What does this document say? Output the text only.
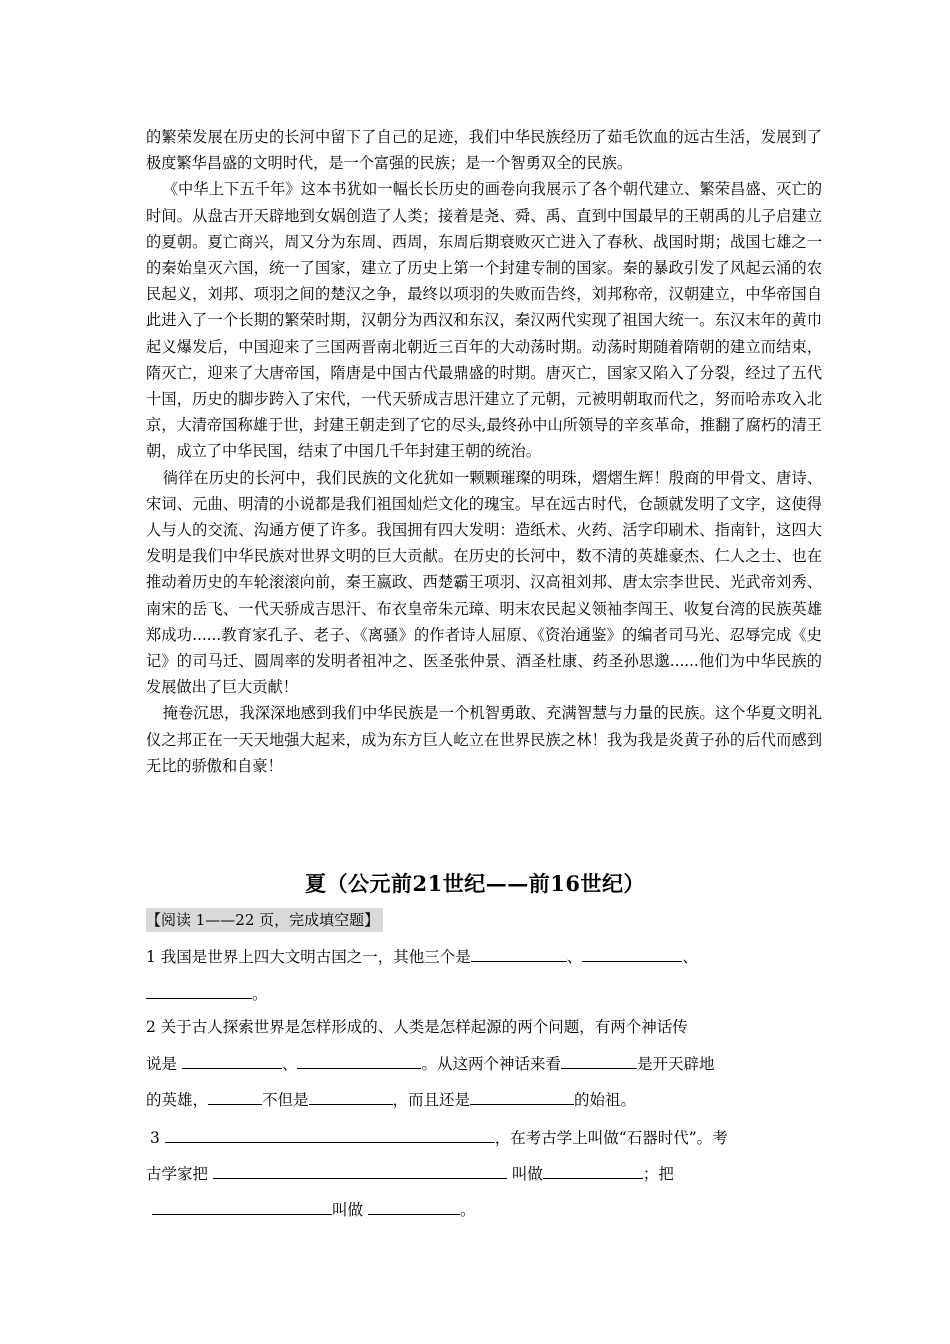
的繁荣发展在历史的长河中留下了自己的足迹，我们中华民族经历了茹毛饮血的远古生活，发展到了极度繁华昌盛的文明时代，是一个富强的民族；是一个智勇双全的民族。

《中华上下五千年》这本书犹如一幅长长历史的画卷向我展示了各个朝代建立、繁荣昌盛、灭亡的时间。从盘古开天辟地到女娲创造了人类；接着是尧、舜、禹、直到中国最早的王朝禹的儿子启建立的夏朝。夏亡商兴，周又分为东周、西周，东周后期衰败灭亡进入了春秋、战国时期；战国七雄之一的秦始皇灭六国，统一了国家，建立了历史上第一个封建专制的国家。秦的暴政引发了风起云涌的农民起义，刘邦、项羽之间的楚汉之争，最终以项羽的失败而告终，刘邦称帝，汉朝建立，中华帝国自此进入了一个长期的繁荣时期，汉朝分为西汉和东汉，秦汉两代实现了祖国大统一。东汉末年的黄巾起义爆发后，中国迎来了三国两晋南北朝近三百年的大动荡时期。动荡时期随着隋朝的建立而结束，隋灭亡，迎来了大唐帝国，隋唐是中国古代最鼎盛的时期。唐灭亡，国家又陷入了分裂，经过了五代十国，历史的脚步跨入了宋代，一代天骄成吉思汗建立了元朝，元被明朝取而代之，努而哈赤攻入北京，大清帝国称雄于世，封建王朝走到了它的尽头,最终孙中山所领导的辛亥革命，推翻了腐朽的清王朝，成立了中华民国，结束了中国几千年封建王朝的统治。

徜徉在历史的长河中，我们民族的文化犹如一颗颗璀璨的明珠，熠熠生辉！殷商的甲骨文、唐诗、宋词、元曲、明清的小说都是我们祖国灿烂文化的瑰宝。早在远古时代，仓颉就发明了文字，这使得人与人的交流、沟通方便了许多。我国拥有四大发明：造纸术、火药、活字印刷术、指南针，这四大发明是我们中华民族对世界文明的巨大贡献。在历史的长河中，数不清的英雄豪杰、仁人之士、也在推动着历史的车轮滚滚向前，秦王嬴政、西楚霸王项羽、汉高祖刘邦、唐太宗李世民、光武帝刘秀、南宋的岳飞、一代天骄成吉思汗、布衣皇帝朱元璋、明末农民起义领袖李闯王、收复台湾的民族英雄郑成功......教育家孔子、老子、《离骚》的作者诗人屈原、《资治通鉴》的编者司马光、忍辱完成《史记》的司马迁、圆周率的发明者祖冲之、医圣张仲景、酒圣杜康、药圣孙思邈......他们为中华民族的发展做出了巨大贡献！

掩卷沉思，我深深地感到我们中华民族是一个机智勇敢、充满智慧与力量的民族。这个华夏文明礼仪之邦正在一天天地强大起来，成为东方巨人屹立在世界民族之林！我为我是炎黄子孙的后代而感到无比的骄傲和自豪！

夏（公元前21世纪——前16世纪）
【阅读 1——22 页，完成填空题】
1 我国是世界上四大文明古国之一，其他三个是	、	、
。
2 关于古人探索世界是怎样形成的、人类是怎样起源的两个问题，有两个神话传
说是	、	。从这两个神话来看	是开天辟地
的英雄，	不但是	，而且还是	的始祖。
3	，在考古学上叫做“石器时代”。考
古学家把	叫做	；把
叫做	。
